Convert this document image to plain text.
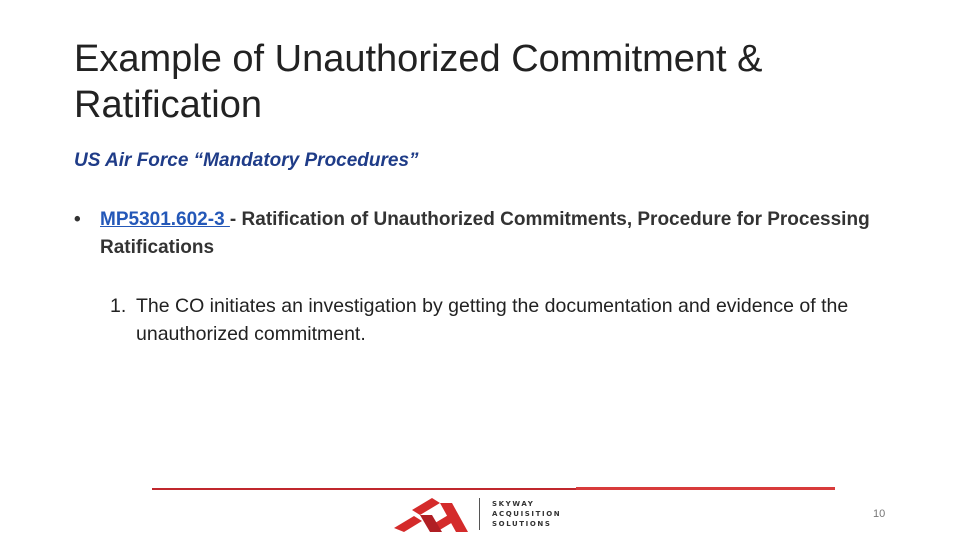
Example of Unauthorized Commitment & Ratification

US Air Force “Mandatory Procedures”

• MP5301.602-3 - Ratification of Unauthorized Commitments, Procedure for Processing Ratifications
1. The CO initiates an investigation by getting the documentation and evidence of the unauthorized commitment.
SKYWAY
ACQUISITION
SOLUTIONS
10
